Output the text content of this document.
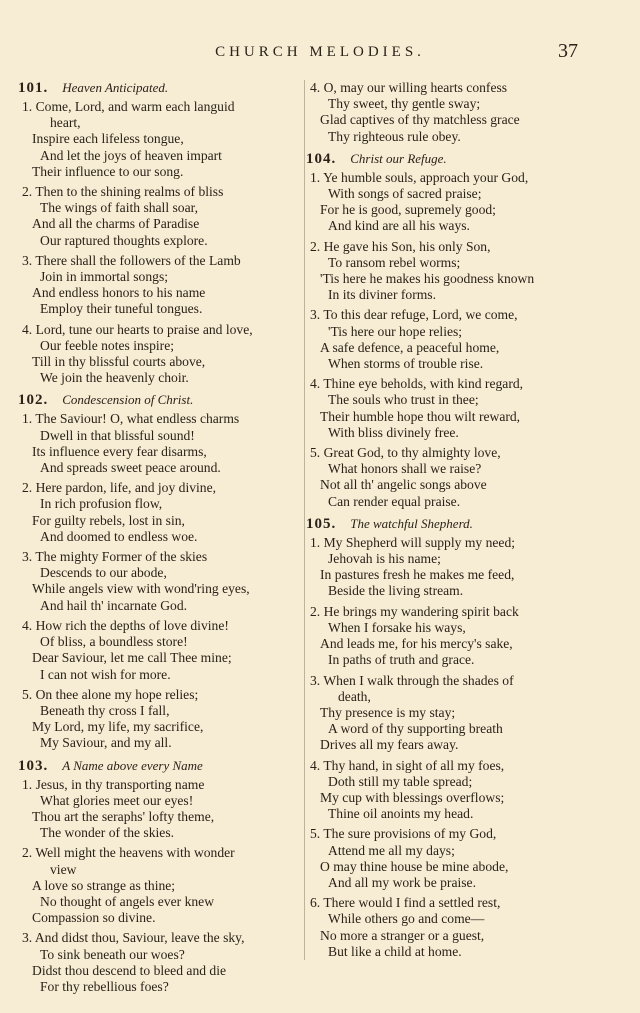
CHURCH MELODIES.	37
101. Heaven Anticipated.
1. Come, Lord, and warm each languid
heart,
Inspire each lifeless tongue,
And let the joys of heaven impart
Their influence to our song.
2. Then to the shining realms of bliss
The wings of faith shall soar,
And all the charms of Paradise
Our raptured thoughts explore.
3. There shall the followers of the Lamb
Join in immortal songs;
And endless honors to his name
Employ their tuneful tongues.
4. Lord, tune our hearts to praise and love,
Our feeble notes inspire;
Till in thy blissful courts above,
We join the heavenly choir.
102. Condescension of Christ.
1. The Saviour! O, what endless charms
Dwell in that blissful sound!
Its influence every fear disarms,
And spreads sweet peace around.
2. Here pardon, life, and joy divine,
In rich profusion flow,
For guilty rebels, lost in sin,
And doomed to endless woe.
3. The mighty Former of the skies
Descends to our abode,
While angels view with wond'ring eyes,
And hail th' incarnate God.
4. How rich the depths of love divine!
Of bliss, a boundless store!
Dear Saviour, let me call Thee mine;
I can not wish for more.
5. On thee alone my hope relies;
Beneath thy cross I fall,
My Lord, my life, my sacrifice,
My Saviour, and my all.
103. A Name above every Name
1. Jesus, in thy transporting name
What glories meet our eyes!
Thou art the seraphs' lofty theme,
The wonder of the skies.
2. Well might the heavens with wonder
view
A love so strange as thine;
No thought of angels ever knew
Compassion so divine.
3. And didst thou, Saviour, leave the sky,
To sink beneath our woes?
Didst thou descend to bleed and die
For thy rebellious foes?
4. O, may our willing hearts confess
Thy sweet, thy gentle sway;
Glad captives of thy matchless grace
Thy righteous rule obey.
104. Christ our Refuge.
1. Ye humble souls, approach your God,
With songs of sacred praise;
For he is good, supremely good;
And kind are all his ways.
2. He gave his Son, his only Son,
To ransom rebel worms;
'Tis here he makes his goodness known
In its diviner forms.
3. To this dear refuge, Lord, we come,
'Tis here our hope relies;
A safe defence, a peaceful home,
When storms of trouble rise.
4. Thine eye beholds, with kind regard,
The souls who trust in thee;
Their humble hope thou wilt reward,
With bliss divinely free.
5. Great God, to thy almighty love,
What honors shall we raise?
Not all th' angelic songs above
Can render equal praise.
105. The watchful Shepherd.
1. My Shepherd will supply my need;
Jehovah is his name;
In pastures fresh he makes me feed,
Beside the living stream.
2. He brings my wandering spirit back
When I forsake his ways,
And leads me, for his mercy's sake,
In paths of truth and grace.
3. When I walk through the shades of
death,
Thy presence is my stay;
A word of thy supporting breath
Drives all my fears away.
4. Thy hand, in sight of all my foes,
Doth still my table spread;
My cup with blessings overflows;
Thine oil anoints my head.
5. The sure provisions of my God,
Attend me all my days;
O may thine house be mine abode,
And all my work be praise.
6. There would I find a settled rest,
While others go and come—
No more a stranger or a guest,
But like a child at home.
